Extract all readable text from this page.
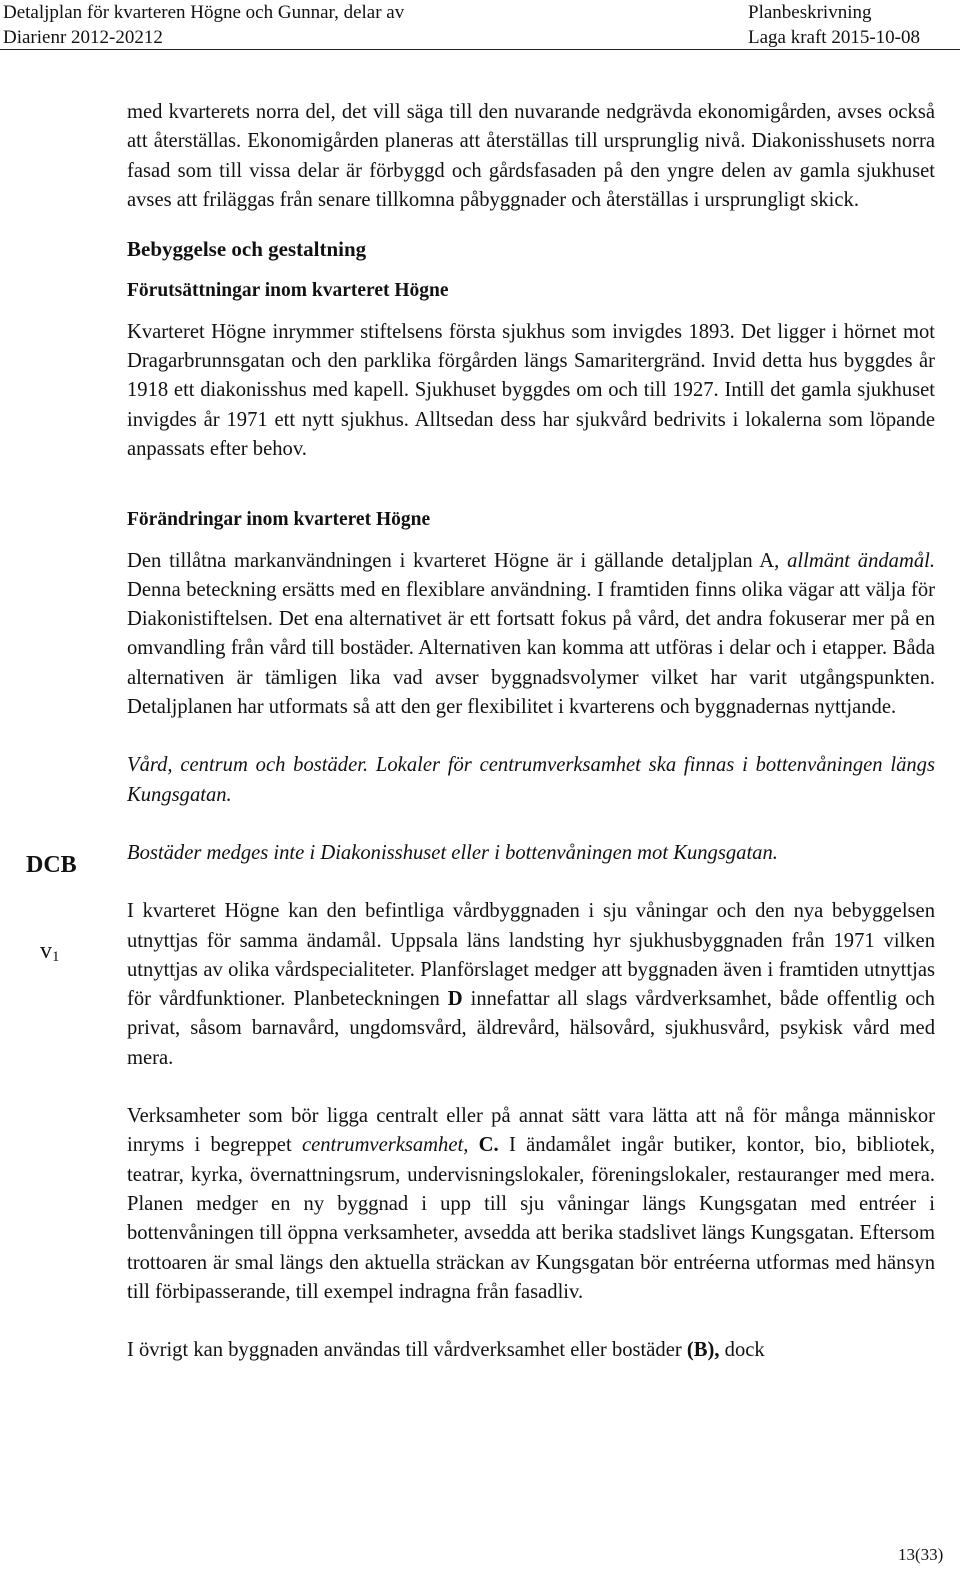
Detaljplan för kvarteren Högne och Gunnar, delar av
Diarienr 2012-20212
Planbeskrivning
Laga kraft 2015-10-08

med kvarterets norra del, det vill säga till den nuvarande nedgrävda ekonomigården, avses också att återställas. Ekonomigården planeras att återställas till ursprunglig nivå. Diakonisshusets norra fasad som till vissa delar är förbyggd och gårdsfasaden på den yngre delen av gamla sjukhuset avses att friläggas från senare tillkomna påbyggnader och återställas i ursprungligt skick.

Bebyggelse och gestaltning
Förutsättningar inom kvarteret Högne

Kvarteret Högne inrymmer stiftelsens första sjukhus som invigdes 1893. Det ligger i hörnet mot Dragarbrunnsgatan och den parklika förgården längs Samaritergränd. Invid detta hus byggdes år 1918 ett diakonisshus med kapell. Sjukhuset byggdes om och till 1927. Intill det gamla sjukhuset invigdes år 1971 ett nytt sjukhus. Alltsedan dess har sjukvård bedrivits i lokalerna som löpande anpassats efter behov.

Förändringar inom kvarteret Högne

Den tillåtna markanvändningen i kvarteret Högne är i gällande detaljplan A, allmänt ändamål. Denna beteckning ersätts med en flexiblare användning. I framtiden finns olika vägar att välja för Diakonistiftelsen. Det ena alternativet är ett fortsatt fokus på vård, det andra fokuserar mer på en omvandling från vård till bostäder. Alternativen kan komma att utföras i delar och i etapper. Båda alternativen är tämligen lika vad avser byggnadsvolymer vilket har varit utgångspunkten. Detaljplanen har utformats så att den ger flexibilitet i kvarterens och byggnadernas nyttjande.

Vård, centrum och bostäder. Lokaler för centrumverksamhet ska finnas i bottenvåningen längs Kungsgatan.

Bostäder medges inte i Diakonisshuset eller i bottenvåningen mot Kungsgatan.

I kvarteret Högne kan den befintliga vårdbyggnaden i sju våningar och den nya bebyggelsen utnyttjas för samma ändamål. Uppsala läns landsting hyr sjukhusbyggnaden från 1971 vilken utnyttjas av olika vårdspecialiteter. Planförslaget medger att byggnaden även i framtiden utnyttjas för vårdfunktioner. Planbeteckningen D innefattar all slags vårdverksamhet, både offentlig och privat, såsom barnavård, ungdomsvård, äldrevård, hälsovård, sjukhusvård, psykisk vård med mera.

Verksamheter som bör ligga centralt eller på annat sätt vara lätta att nå för många människor inryms i begreppet centrumverksamhet, C. I ändamålet ingår butiker, kontor, bio, bibliotek, teatrar, kyrka, övernattningsrum, undervisningslokaler, föreningslokaler, restauranger med mera. Planen medger en ny byggnad i upp till sju våningar längs Kungsgatan med entréer i bottenvåningen till öppna verksamheter, avsedda att berika stadslivet längs Kungsgatan. Eftersom trottoaren är smal längs den aktuella sträckan av Kungsgatan bör entréerna utformas med hänsyn till förbipasserande, till exempel indragna från fasadliv.

I övrigt kan byggnaden användas till vårdverksamhet eller bostäder (B), dock

DCB
$v_1$
13(33)
